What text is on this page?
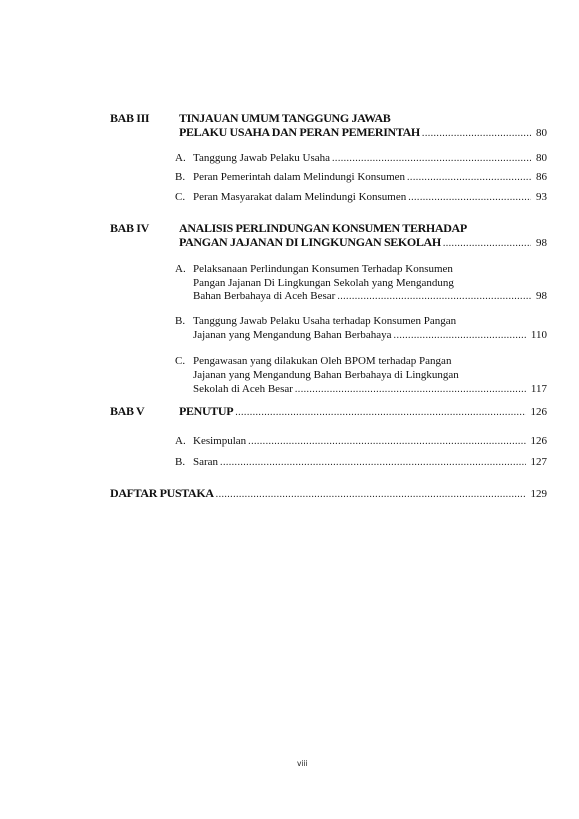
BAB III TINJAUAN UMUM TANGGUNG JAWAB
PELAKU USAHA DAN PERAN PEMERINTAH .....	80
A. Tanggung Jawab Pelaku Usaha .....	80
B. Peran Pemerintah dalam Melindungi Konsumen .....	86
C. Peran Masyarakat dalam Melindungi Konsumen .....	93
BAB IV	ANALISIS PERLINDUNGAN KONSUMEN TERHADAP
PANGAN JAJANAN DI LINGKUNGAN SEKOLAH .....	98
A. Pelaksanaan Perlindungan Konsumen Terhadap Konsumen
Pangan Jajanan Di Lingkungan Sekolah yang Mengandung
Bahan Berbahaya di Aceh Besar .....	98
B. Tanggung Jawab Pelaku Usaha terhadap Konsumen Pangan
Jajanan yang Mengandung Bahan Berbahaya .....	110
C. Pengawasan yang dilakukan Oleh BPOM terhadap Pangan
Jajanan yang Mengandung Bahan Berbahaya di Lingkungan
Sekolah di Aceh Besar .....	117
BAB V	PENUTUP .....	126
A. Kesimpulan .....	126
B. Saran .....	127
DAFTAR PUSTAKA .....	129
viii
